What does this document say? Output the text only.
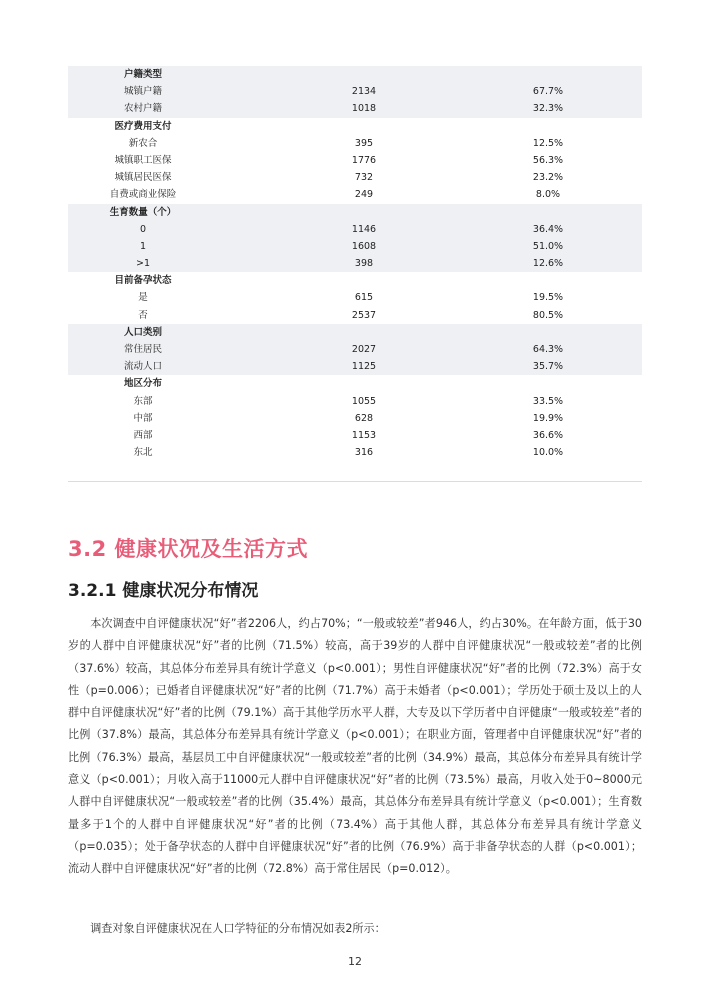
户籍类型
城镇户籍	2134	67.7%
农村户籍	1018	32.3%
医疗费用支付
新农合	395	12.5%
城镇职工医保	1776	56.3%
城镇居民医保	732	23.2%
自费或商业保险	249	8.0%
生育数量（个）
0	1146	36.4%
1	1608	51.0%
>1	398	12.6%
目前备孕状态
是	615	19.5%
否	2537	80.5%
人口类别
常住居民	2027	64.3%
流动人口	1125	35.7%
地区分布
东部	1055	33.5%
中部	628	19.9%
西部	1153	36.6%
东北	316	10.0%
3.2 健康状况及生活方式
3.2.1 健康状况分布情况

本次调查中自评健康状况“好”者2206人，约占70%；“一般或较差”者946人，约占30%。在年龄方面，低于30岁的人群中自评健康状况“好”者的比例（71.5%）较高，高于39岁的人群中自评健康状况“一般或较差”者的比例（37.6%）较高，其总体分布差异具有统计学意义（p<0.001）；男性自评健康状况“好”者的比例（72.3%）高于女性（p=0.006）；已婚者自评健康状况“好”者的比例（71.7%）高于未婚者（p<0.001）；学历处于硕士及以上的人群中自评健康状况“好”者的比例（79.1%）高于其他学历水平人群，大专及以下学历者中自评健康“一般或较差”者的比例（37.8%）最高，其总体分布差异具有统计学意义（p<0.001）；在职业方面，管理者中自评健康状况“好”者的比例（76.3%）最高，基层员工中自评健康状况“一般或较差”者的比例（34.9%）最高，其总体分布差异具有统计学意义（p<0.001）；月收入高于11000元人群中自评健康状况“好”者的比例（73.5%）最高，月收入处于0~8000元人群中自评健康状况“一般或较差”者的比例（35.4%）最高，其总体分布差异具有统计学意义（p<0.001）；生育数量多于1个的人群中自评健康状况“好”者的比例（73.4%）高于其他人群，其总体分布差异具有统计学意义（p=0.035）；处于备孕状态的人群中自评健康状况“好”者的比例（76.9%）高于非备孕状态的人群（p<0.001）；流动人群中自评健康状况“好”者的比例（72.8%）高于常住居民（p=0.012）。

调查对象自评健康状况在人口学特征的分布情况如表2所示：

12
